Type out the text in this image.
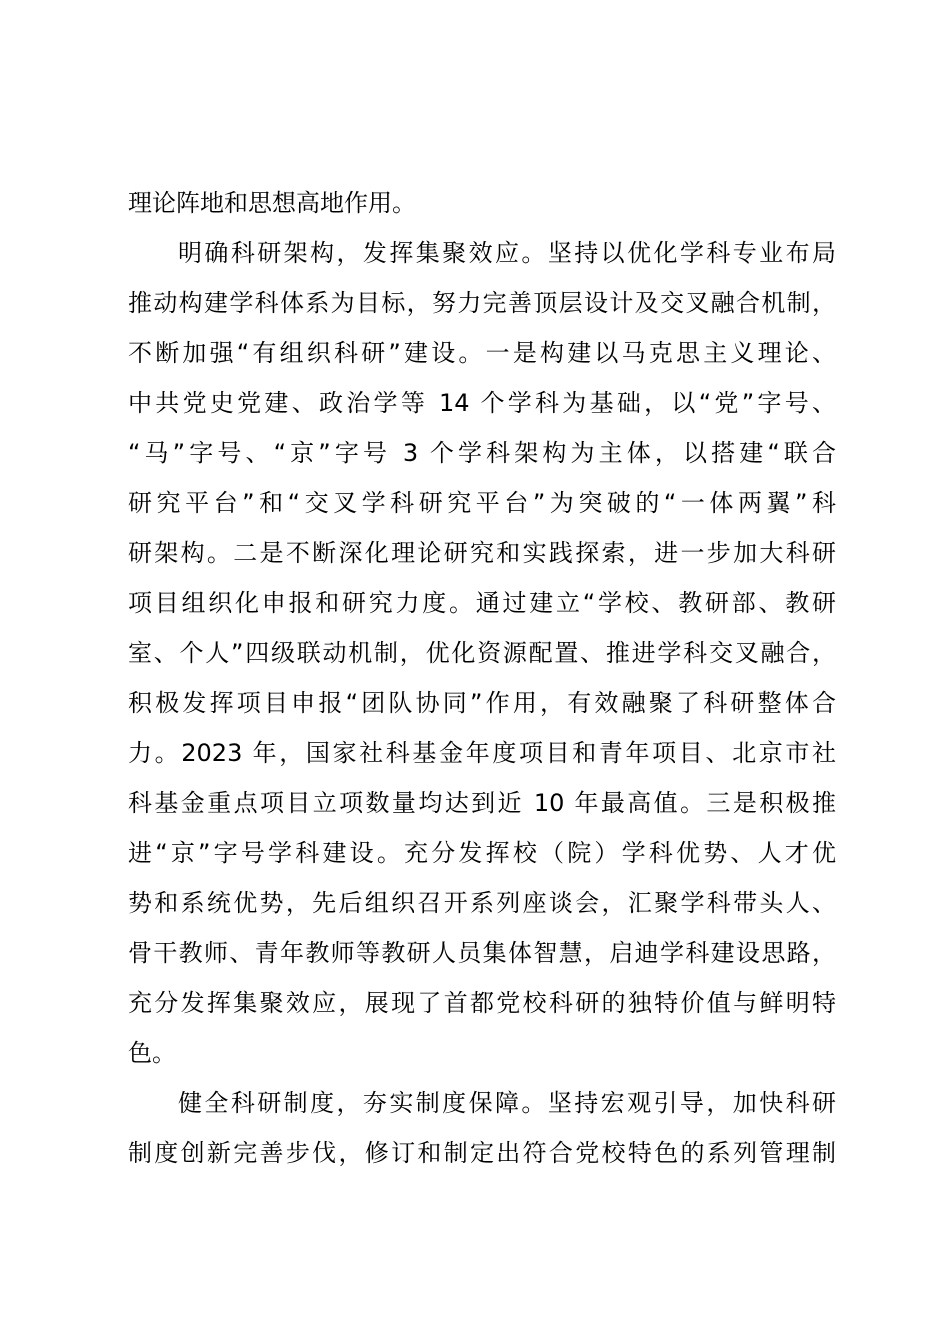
理论阵地和思想高地作用。
明确科研架构，发挥集聚效应。坚持以优化学科专业布局
推动构建学科体系为目标，努力完善顶层设计及交叉融合机制，
不断加强“有组织科研”建设。一是构建以马克思主义理论、
中共党史党建、政治学等 14 个学科为基础，以“党”字号、
“马”字号、“京”字号 3 个学科架构为主体，以搭建“联合
研究平台”和“交叉学科研究平台”为突破的“一体两翼”科
研架构。二是不断深化理论研究和实践探索，进一步加大科研
项目组织化申报和研究力度。通过建立“学校、教研部、教研
室、个人”四级联动机制，优化资源配置、推进学科交叉融合，
积极发挥项目申报“团队协同”作用，有效融聚了科研整体合
力。2023 年，国家社科基金年度项目和青年项目、北京市社
科基金重点项目立项数量均达到近 10 年最高值。三是积极推
进“京”字号学科建设。充分发挥校（院）学科优势、人才优
势和系统优势，先后组织召开系列座谈会，汇聚学科带头人、
骨干教师、青年教师等教研人员集体智慧，启迪学科建设思路，
充分发挥集聚效应，展现了首都党校科研的独特价值与鲜明特
色。
健全科研制度，夯实制度保障。坚持宏观引导，加快科研
制度创新完善步伐，修订和制定出符合党校特色的系列管理制
